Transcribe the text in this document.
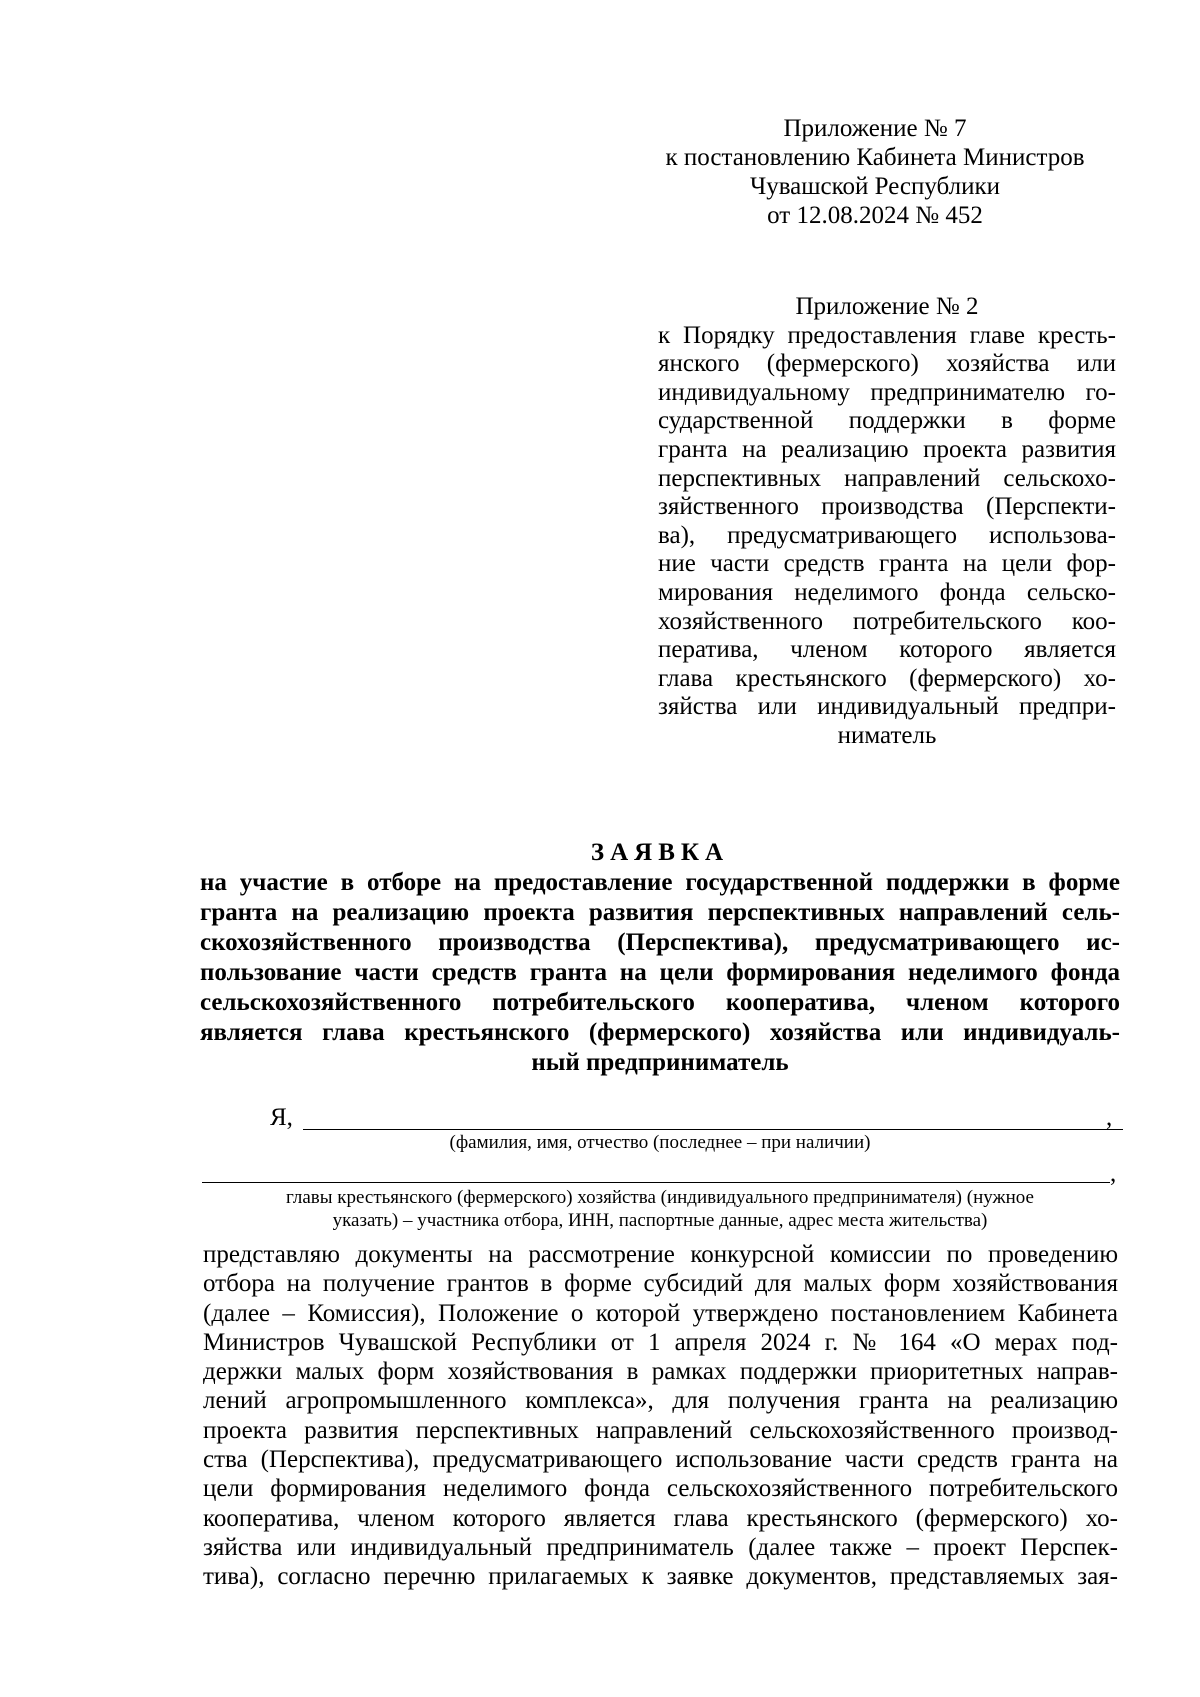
Приложение № 7
к постановлению Кабинета Министров
Чувашской Республики
от 12.08.2024 № 452
Приложение № 2
к Порядку предоставления главе кресть-
янского (фермерского) хозяйства или
индивидуальному предпринимателю го-
сударственной поддержки в форме
гранта на реализацию проекта развития
перспективных направлений сельскохо-
зяйственного производства (Перспекти-
ва), предусматривающего использова-
ние части средств гранта на цели фор-
мирования неделимого фонда сельско-
хозяйственного потребительского коо-
ператива, членом которого является
глава крестьянского (фермерского) хо-
зяйства или индивидуальный предпри-
ниматель
ЗАЯВКА
на участие в отборе на предоставление государственной поддержки в форме
гранта на реализацию проекта развития перспективных направлений сель-
скохозяйственного производства (Перспектива), предусматривающего ис-
пользование части средств гранта на цели формирования неделимого фонда
сельскохозяйственного потребительского кооператива, членом которого
является глава крестьянского (фермерского) хозяйства или индивидуаль-
ный предприниматель
Я,	,
(фамилия, имя, отчество (последнее – при наличии)
,
главы крестьянского (фермерского) хозяйства (индивидуального предпринимателя) (нужное
указать) – участника отбора, ИНН, паспортные данные, адрес места жительства)
представляю документы на рассмотрение конкурсной комиссии по проведению
отбора на получение грантов в форме субсидий для малых форм хозяйствования
(далее – Комиссия), Положение о которой утверждено постановлением Кабинета
Министров Чувашской Республики от 1 апреля 2024 г. № 164 «О мерах под-
держки малых форм хозяйствования в рамках поддержки приоритетных направ-
лений агропромышленного комплекса», для получения гранта на реализацию
проекта развития перспективных направлений сельскохозяйственного производ-
ства (Перспектива), предусматривающего использование части средств гранта на
цели формирования неделимого фонда сельскохозяйственного потребительского
кооператива, членом которого является глава крестьянского (фермерского) хо-
зяйства или индивидуальный предприниматель (далее также – проект Перспек-
тива), согласно перечню прилагаемых к заявке документов, представляемых зая-
